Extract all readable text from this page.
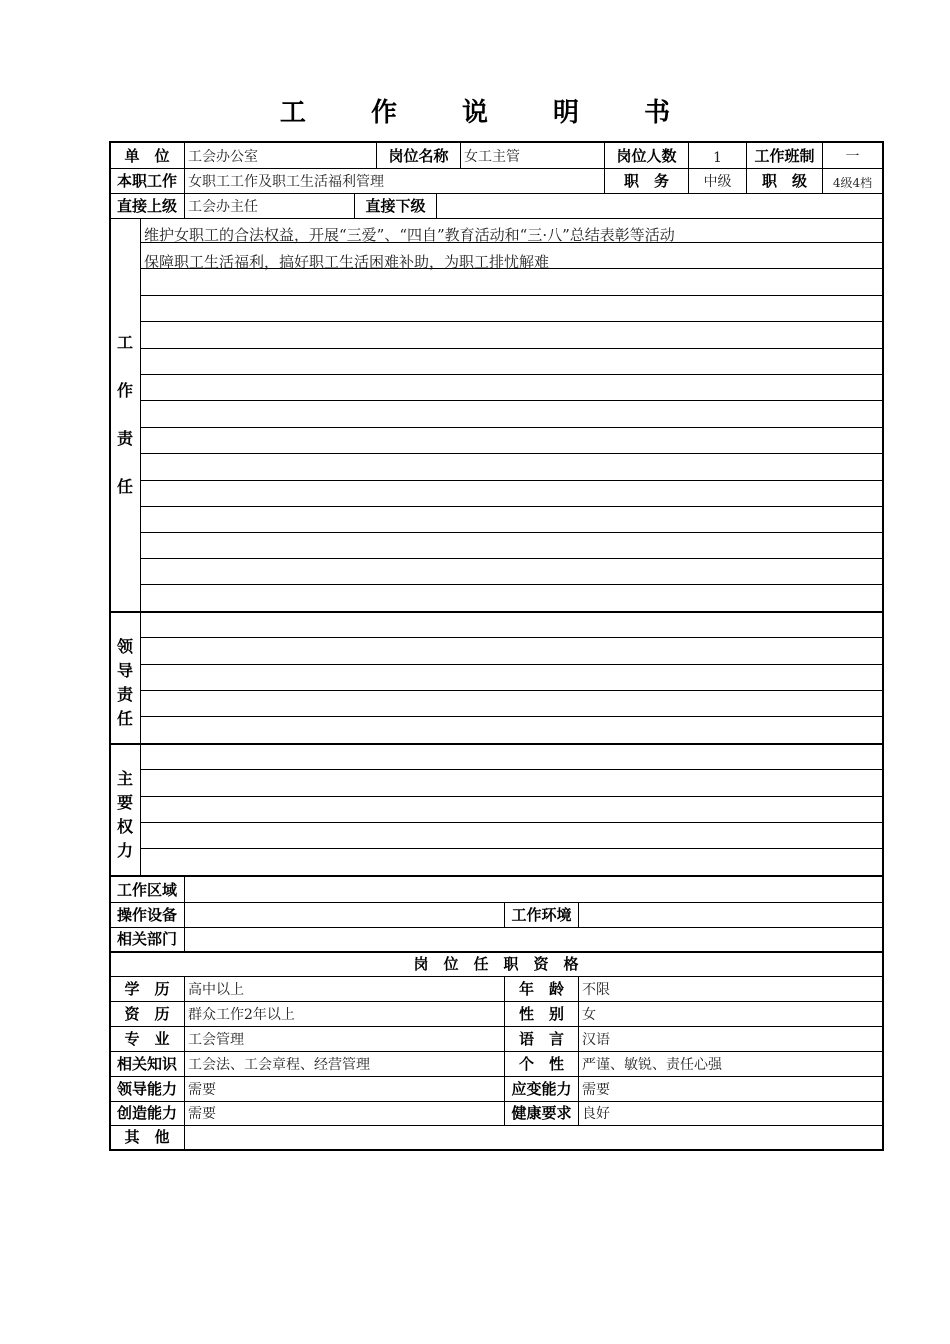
工 作 说 明 书
单　位	工会办公室	岗位名称	女工主管	岗位人数	1	工作班制	一
本职工作 女职工工作及职工生活福利管理	职　务	中级	职　级	4级4档
直接上级 工会办主任	直接下级
工
作
责
任
维护女职工的合法权益，开展“三爱”、“四自”教育活动和“三·八”总结表彰等活动
保障职工生活福利，搞好职工生活困难补助，为职工排忧解难
领
导
责
任
主
要
权
力
工作区域
操作设备	工作环境
相关部门
岗　位　任　职　资　格
学　历	高中以上	年　龄	不限
资　历	群众工作2年以上	性　别	女
专　业	工会管理	语　言	汉语
相关知识 工会法、工会章程、经营管理	个　性	严谨、敏锐、责任心强
领导能力 需要	应变能力 需要
创造能力 需要	健康要求 良好
其　他
